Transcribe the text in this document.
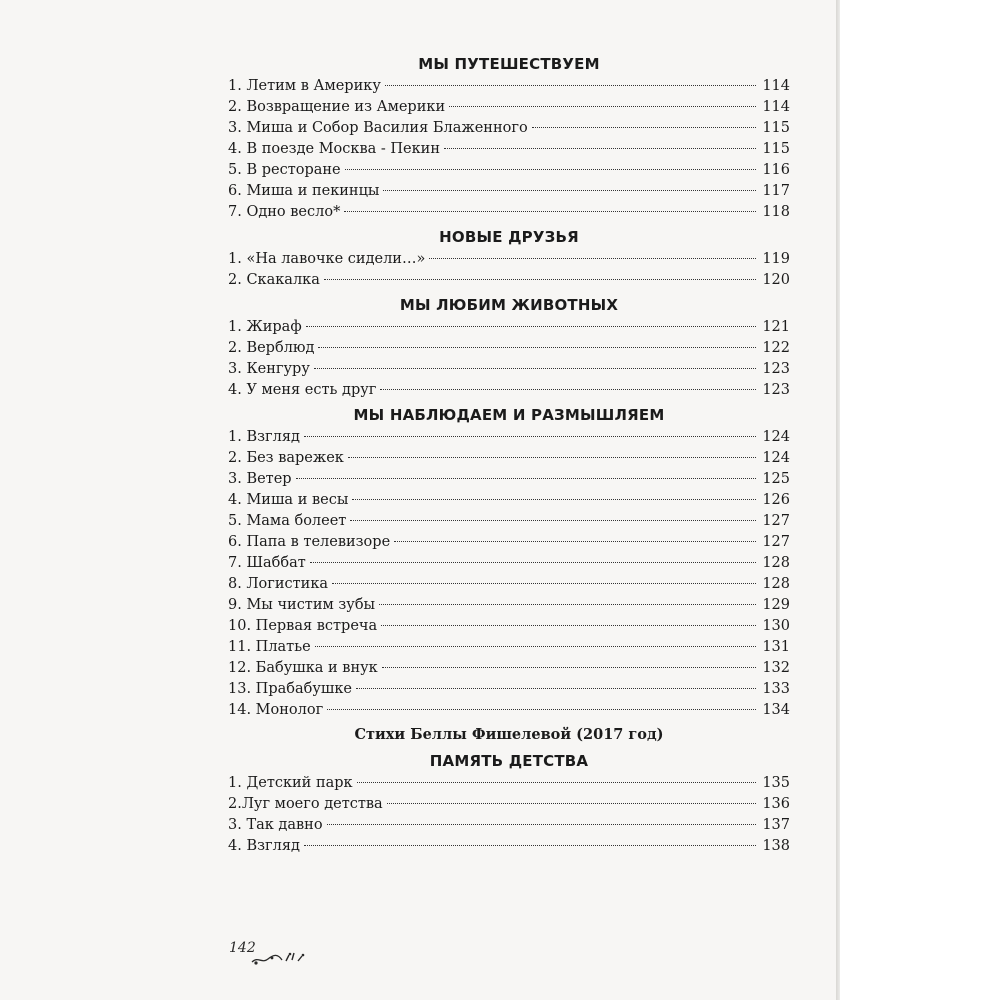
МЫ ПУТЕШЕСТВУЕМ
1. Летим в Америку	114
2. Возвращение из Америки	114
3. Миша и Собор Василия Блаженного	115
4. В поезде Москва - Пекин	115
5. В ресторане	116
6. Миша и пекинцы	117
7. Одно весло*	118
НОВЫЕ ДРУЗЬЯ
1. «На лавочке сидели…»	119
2. Скакалка	120
МЫ ЛЮБИМ ЖИВОТНЫХ
1. Жираф	121
2. Верблюд	122
3. Кенгуру	123
4. У меня есть друг	123
МЫ НАБЛЮДАЕМ И РАЗМЫШЛЯЕМ
1. Взгляд	124
2. Без варежек	124
3. Ветер	125
4. Миша и весы	126
5. Мама болеет	127
6. Папа в телевизоре	127
7. Шаббат	128
8. Логистика	128
9. Мы чистим зубы	129
10. Первая встреча	130
11. Платье	131
12. Бабушка и внук	132
13. Прабабушке	133
14. Монолог	134
Стихи Беллы Фишелевой (2017 год)
ПАМЯТЬ ДЕТСТВА
1. Детский парк	135
2.Луг моего детства	136
3. Так давно	137
4. Взгляд	138
142
